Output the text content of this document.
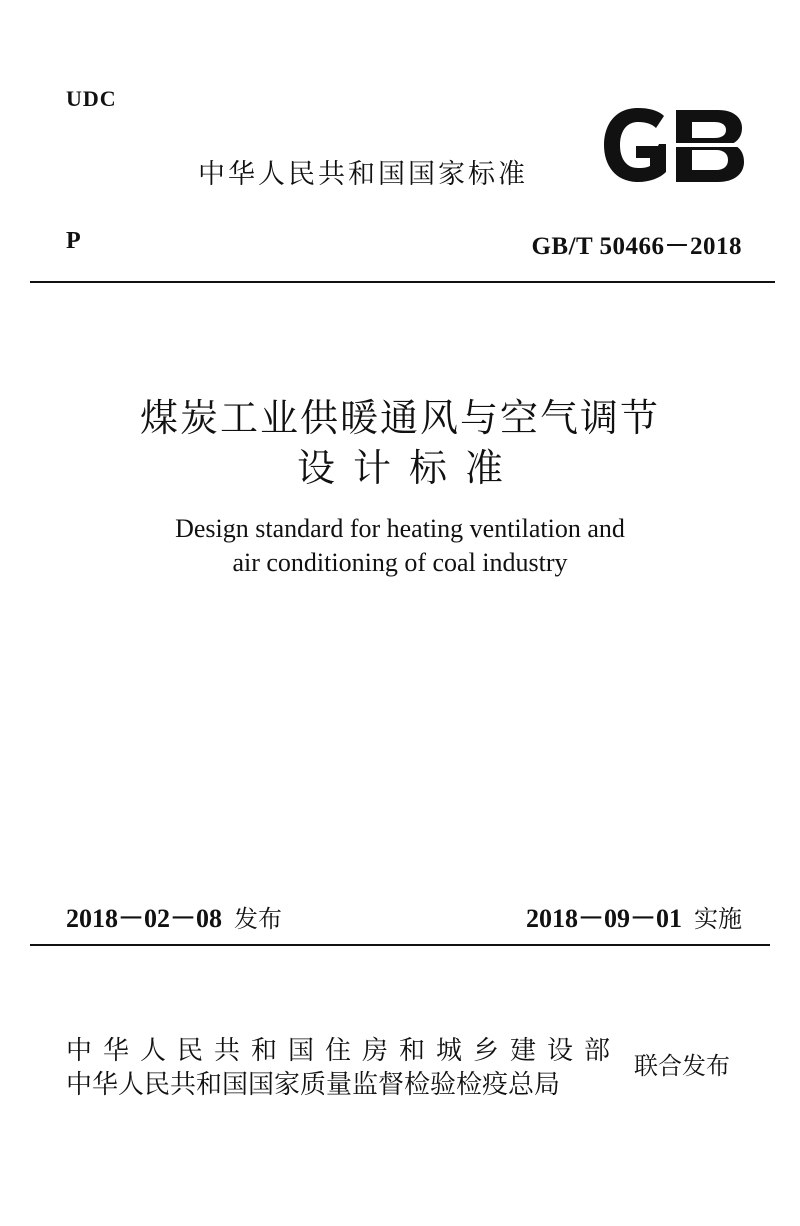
UDC
中华人民共和国国家标准
P	GB/T 50466－2018
煤炭工业供暖通风与空气调节
设计标准
Design standard for heating ventilation and
air conditioning of coal industry
2018－02－08 发布	2018－09－01 实施
中华人民共和国住房和城乡建设部
中华人民共和国国家质量监督检验检疫总局
联合发布
